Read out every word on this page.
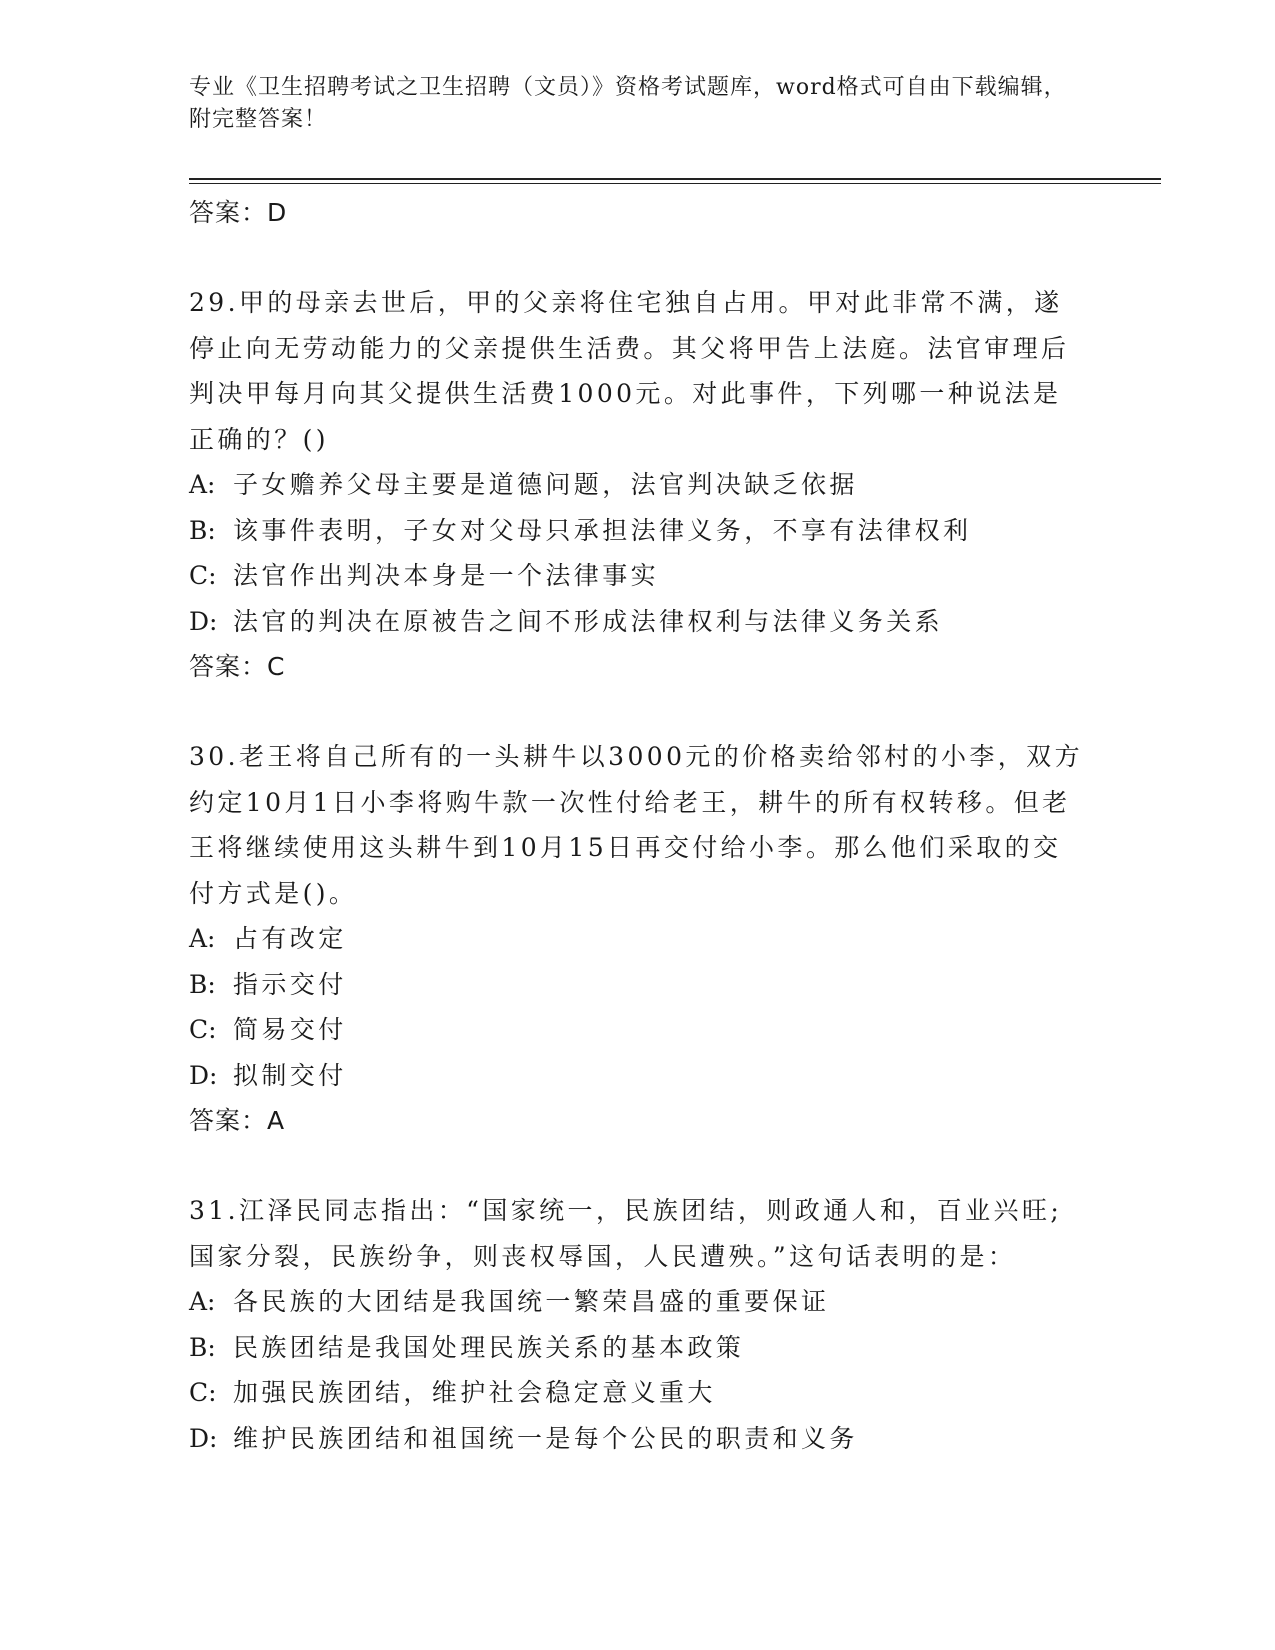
专业《卫生招聘考试之卫生招聘（文员）》资格考试题库，word格式可自由下载编辑，附完整答案！
答案：D
29.甲的母亲去世后，甲的父亲将住宅独自占用。甲对此非常不满，遂停止向无劳动能力的父亲提供生活费。其父将甲告上法庭。法官审理后判决甲每月向其父提供生活费1000元。对此事件，下列哪一种说法是正确的？()
A: 子女赡养父母主要是道德问题，法官判决缺乏依据
B: 该事件表明，子女对父母只承担法律义务，不享有法律权利
C: 法官作出判决本身是一个法律事实
D: 法官的判决在原被告之间不形成法律权利与法律义务关系
答案：C
30.老王将自己所有的一头耕牛以3000元的价格卖给邻村的小李，双方约定10月1日小李将购牛款一次性付给老王，耕牛的所有权转移。但老王将继续使用这头耕牛到10月15日再交付给小李。那么他们采取的交付方式是()。
A: 占有改定
B: 指示交付
C: 简易交付
D: 拟制交付
答案：A
31.江泽民同志指出：“国家统一，民族团结，则政通人和，百业兴旺;国家分裂，民族纷争，则丧权辱国，人民遭殃。”这句话表明的是：
A: 各民族的大团结是我国统一繁荣昌盛的重要保证
B: 民族团结是我国处理民族关系的基本政策
C: 加强民族团结，维护社会稳定意义重大
D: 维护民族团结和祖国统一是每个公民的职责和义务
